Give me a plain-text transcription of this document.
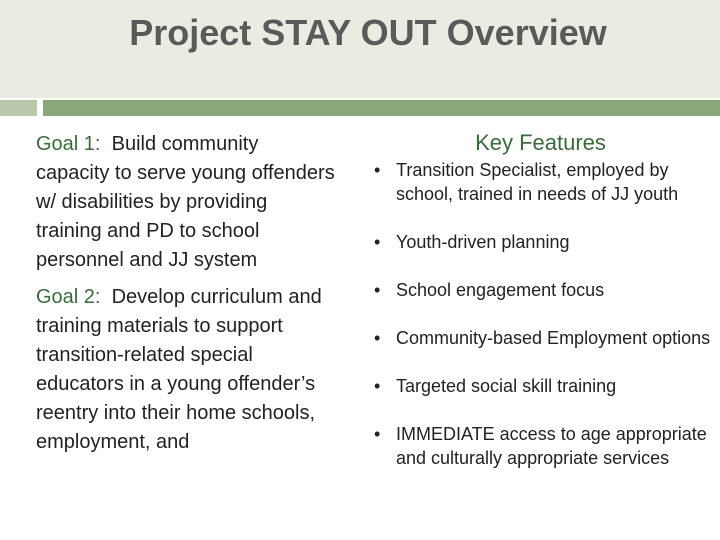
Project STAY OUT Overview

Goal 1: Build community capacity to serve young offenders w/ disabilities by providing training and PD to school personnel and JJ system

Goal 2: Develop curriculum and training materials to support transition-related special educators in a young offender’s reentry into their home schools, employment, and

Key Features
• Transition Specialist, employed by school, trained in needs of JJ youth
• Youth-driven planning
• School engagement focus
• Community-based Employment options
• Targeted social skill training
• IMMEDIATE access to age appropriate and culturally appropriate services
